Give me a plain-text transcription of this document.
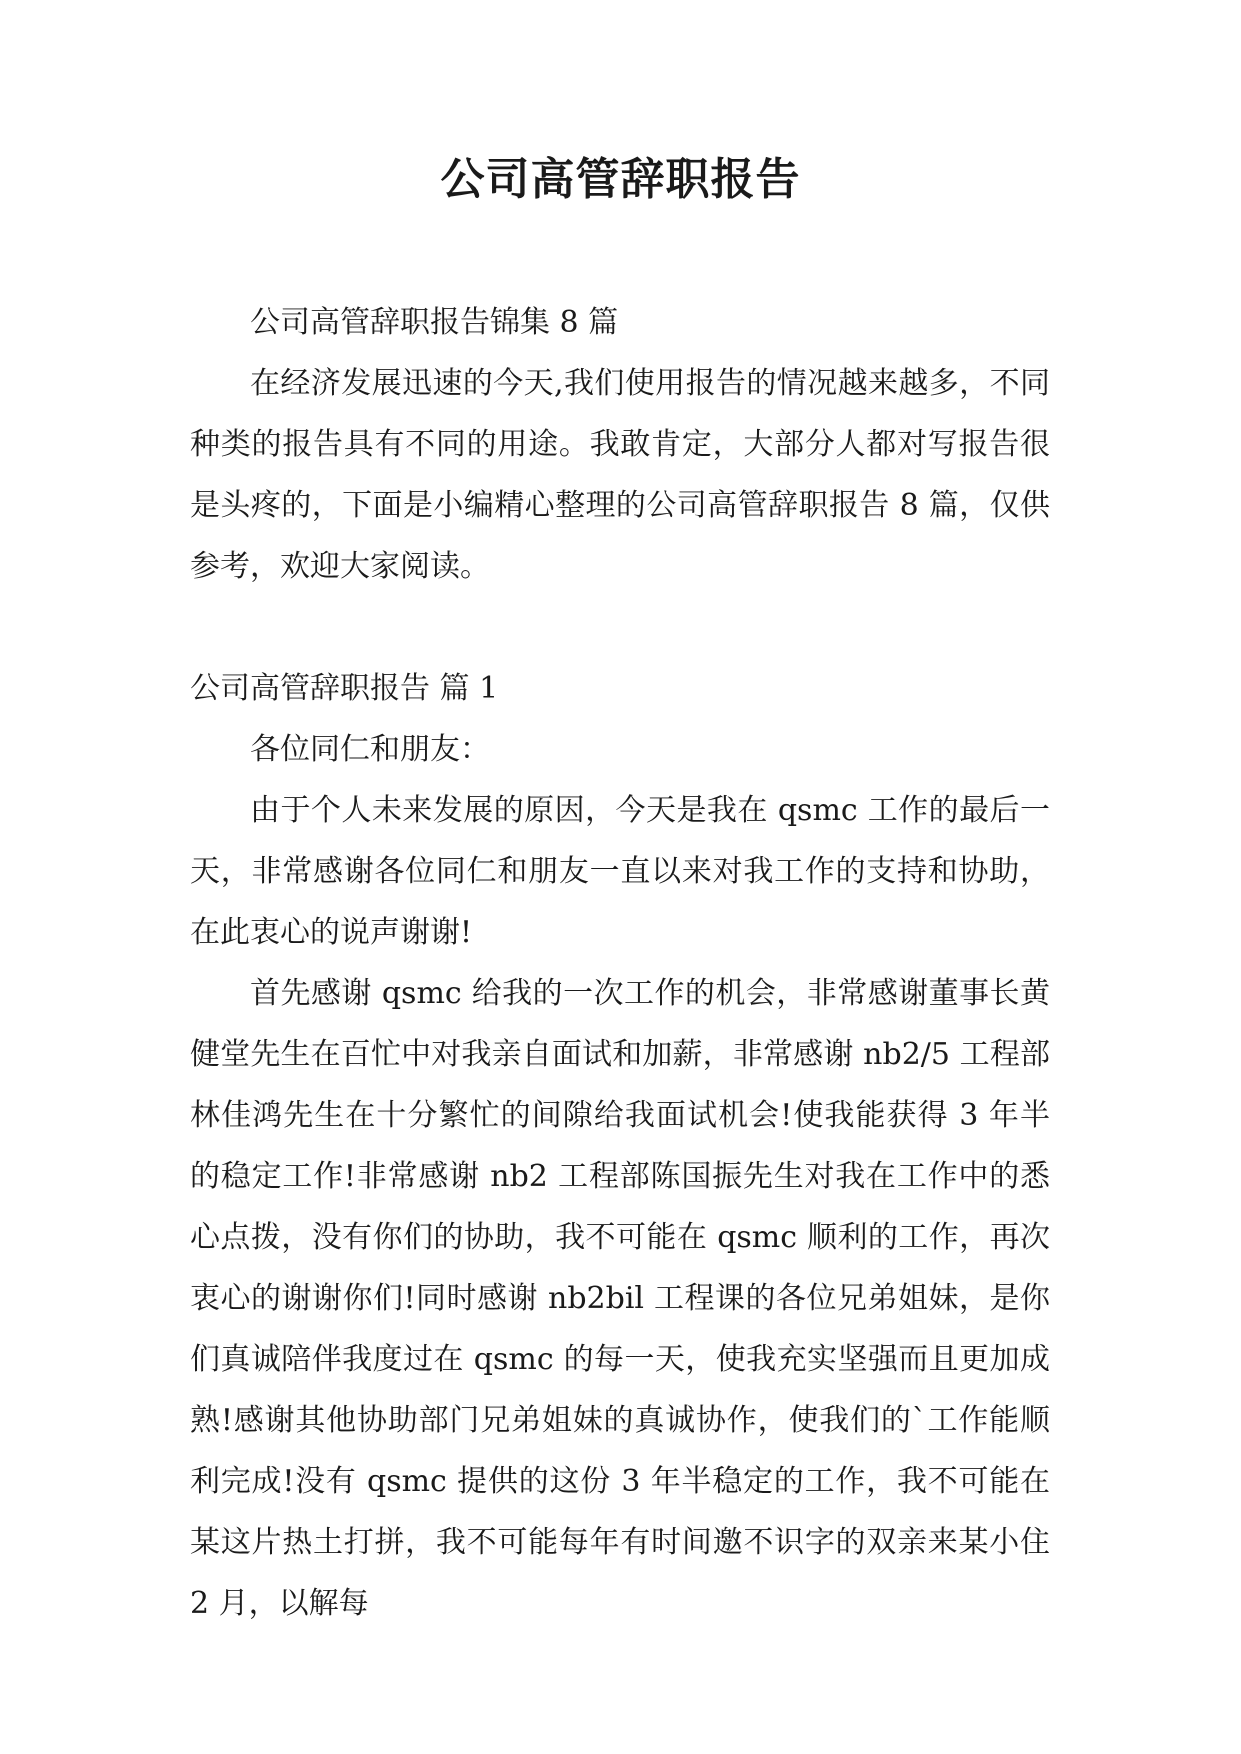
公司高管辞职报告

公司高管辞职报告锦集 8 篇

在经济发展迅速的今天,我们使用报告的情况越来越多，不同种类的报告具有不同的用途。我敢肯定，大部分人都对写报告很是头疼的，下面是小编精心整理的公司高管辞职报告 8 篇，仅供参考，欢迎大家阅读。

公司高管辞职报告 篇 1

各位同仁和朋友：

由于个人未来发展的原因，今天是我在 qsmc 工作的最后一天，非常感谢各位同仁和朋友一直以来对我工作的支持和协助，在此衷心的说声谢谢!

首先感谢 qsmc 给我的一次工作的机会，非常感谢董事长黄健堂先生在百忙中对我亲自面试和加薪，非常感谢 nb2/5 工程部林佳鸿先生在十分繁忙的间隙给我面试机会!使我能获得 3 年半的稳定工作!非常感谢 nb2 工程部陈国振先生对我在工作中的悉心点拨，没有你们的协助，我不可能在 qsmc 顺利的工作，再次衷心的谢谢你们!同时感谢 nb2bil 工程课的各位兄弟姐妹，是你们真诚陪伴我度过在 qsmc 的每一天，使我充实坚强而且更加成熟!感谢其他协助部门兄弟姐妹的真诚协作，使我们的`工作能顺利完成!没有 qsmc 提供的这份 3 年半稳定的工作，我不可能在某这片热土打拼，我不可能每年有时间邀不识字的双亲来某小住 2 月，以解每
